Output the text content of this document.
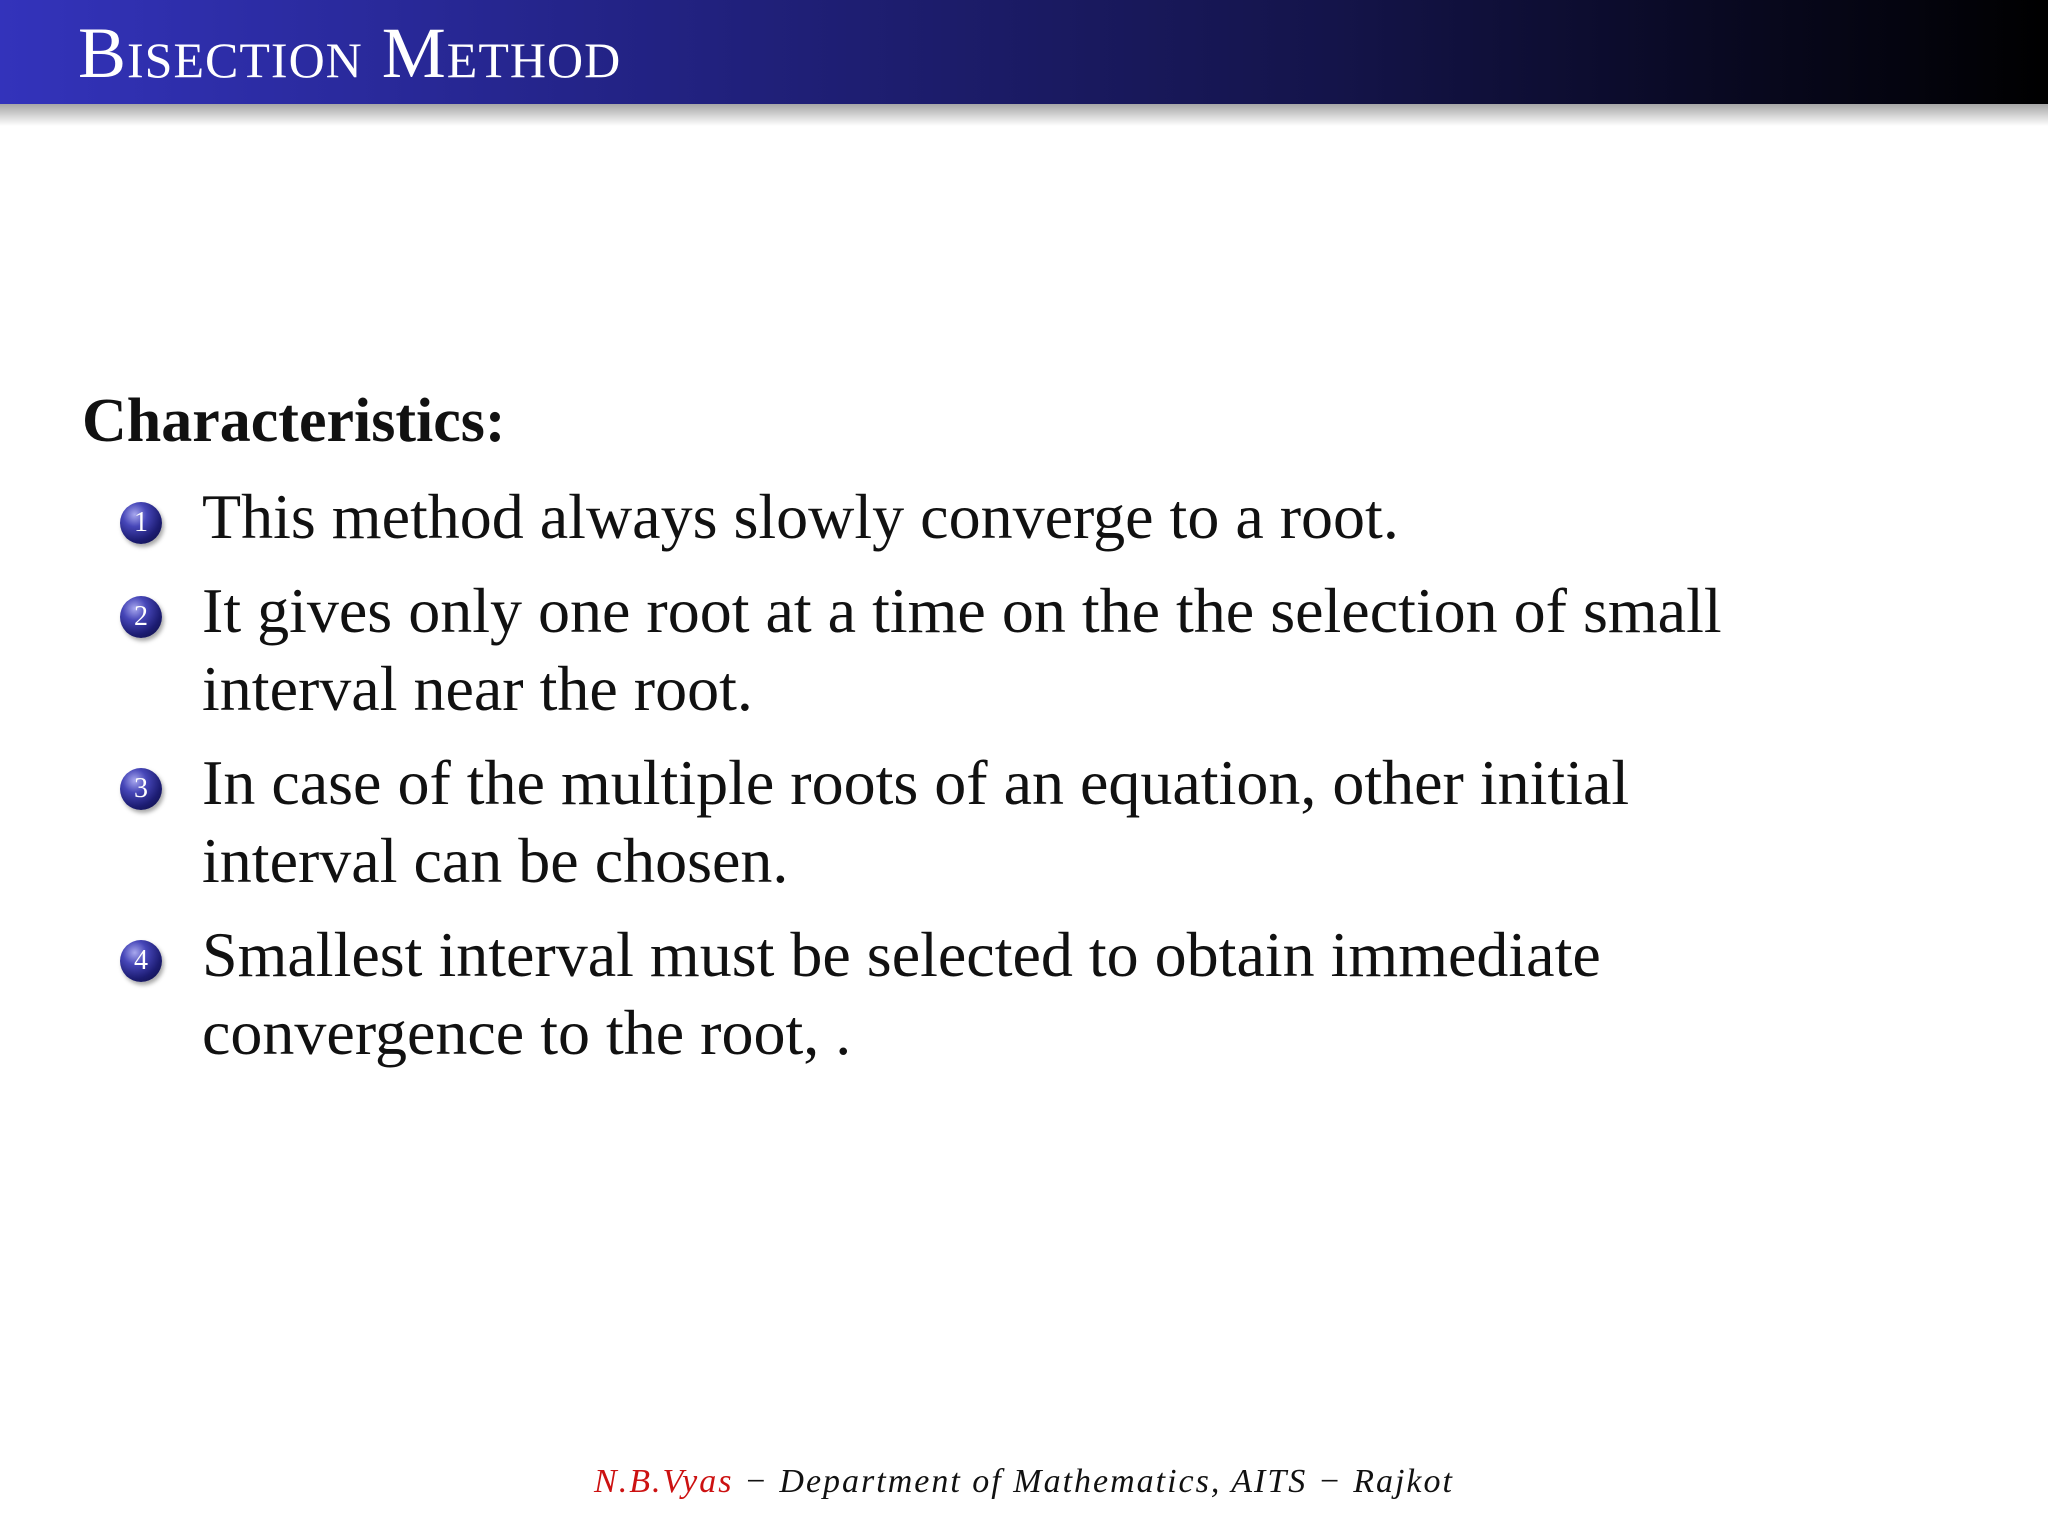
Bisection Method
Characteristics:
1 This method always slowly converge to a root.
2 It gives only one root at a time on the the selection of small
interval near the root.
3 In case of the multiple roots of an equation, other initial
interval can be chosen.
4 Smallest interval must be selected to obtain immediate
convergence to the root, .
N.B.Vyas − Department of Mathematics, AITS − Rajkot
